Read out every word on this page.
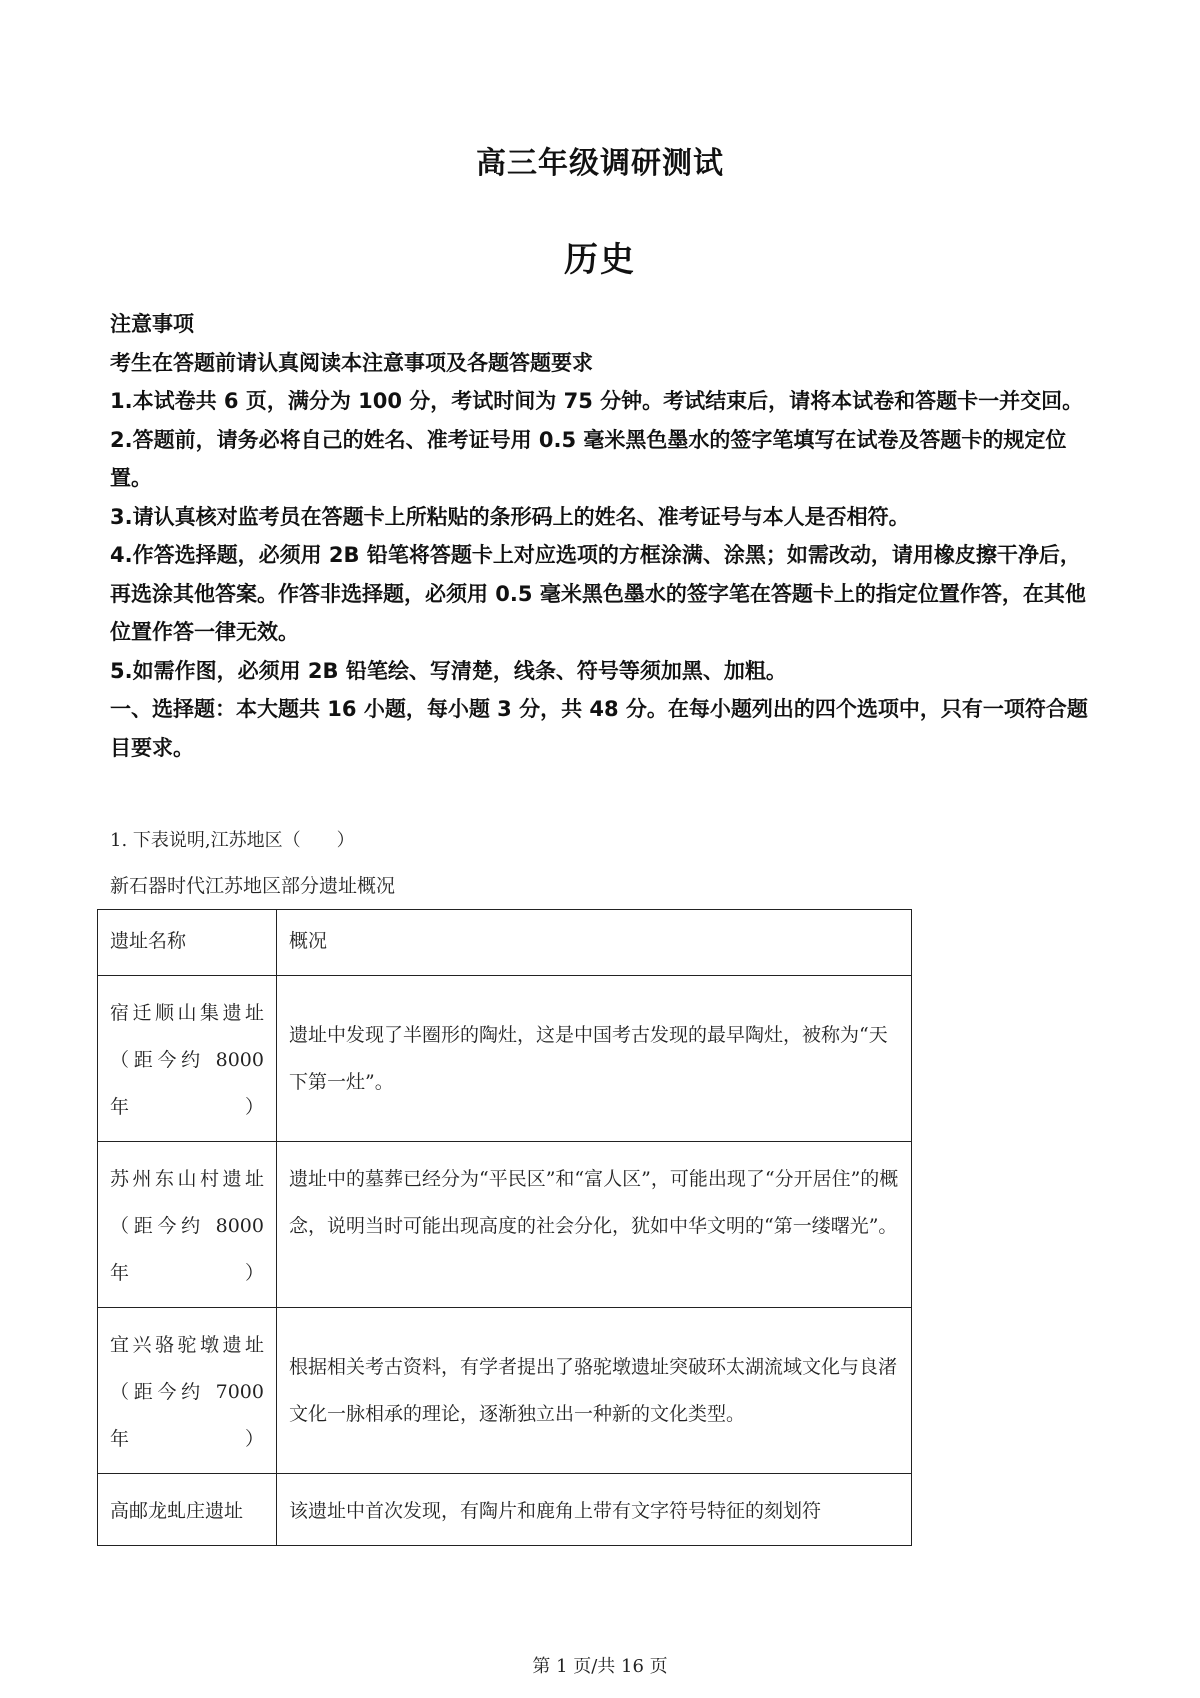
高三年级调研测试
历史

注意事项

考生在答题前请认真阅读本注意事项及各题答题要求

1.本试卷共 6 页，满分为 100 分，考试时间为 75 分钟。考试结束后，请将本试卷和答题卡一并交回。

2.答题前，请务必将自己的姓名、准考证号用 0.5 毫米黑色墨水的签字笔填写在试卷及答题卡的规定位置。

3.请认真核对监考员在答题卡上所粘贴的条形码上的姓名、准考证号与本人是否相符。

4.作答选择题，必须用 2B 铅笔将答题卡上对应选项的方框涂满、涂黑；如需改动，请用橡皮擦干净后，再选涂其他答案。作答非选择题，必须用 0.5 毫米黑色墨水的签字笔在答题卡上的指定位置作答，在其他位置作答一律无效。

5.如需作图，必须用 2B 铅笔绘、写清楚，线条、符号等须加黑、加粗。

一、选择题：本大题共 16 小题，每小题 3 分，共 48 分。在每小题列出的四个选项中，只有一项符合题目要求。

1. 下表说明,江苏地区（　　）
新石器时代江苏地区部分遗址概况
遗址名称	概况

宿迁顺山集遗址
（距今约 8000 年）	遗址中发现了半圈形的陶灶，这是中国考古发现的最早陶灶，被称为“天下第一灶”。

苏州东山村遗址
（距今约 8000 年）	遗址中的墓葬已经分为“平民区”和“富人区”，可能出现了“分开居住”的概念，说明当时可能出现高度的社会分化，犹如中华文明的“第一缕曙光”。

宜兴骆驼墩遗址
（距今约 7000 年）	根据相关考古资料，有学者提出了骆驼墩遗址突破环太湖流域文化与良渚文化一脉相承的理论，逐渐独立出一种新的文化类型。

高邮龙虬庄遗址	该遗址中首次发现，有陶片和鹿角上带有文字符号特征的刻划符
第 1 页/共 16 页
